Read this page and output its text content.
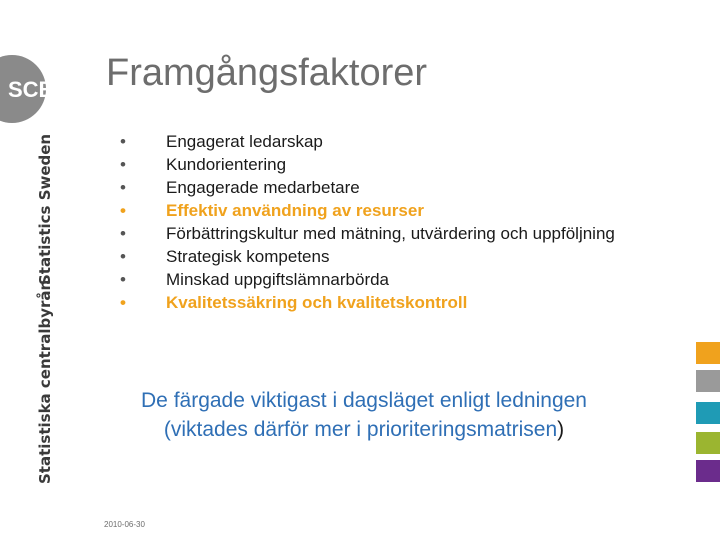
SCB
Statistics Sweden
Statistiska centralbyrån
Framgångsfaktorer
• Engagerat ledarskap
• Kundorientering
• Engagerade medarbetare
• Effektiv användning av resurser
• Förbättringskultur med mätning, utvärdering och uppföljning
• Strategisk kompetens
• Minskad uppgiftslämnarbörda
• Kvalitetssäkring och kvalitetskontroll
De färgade viktigast i dagsläget enligt ledningen (viktades därför mer i prioriteringsmatrisen)
2010-06-30
